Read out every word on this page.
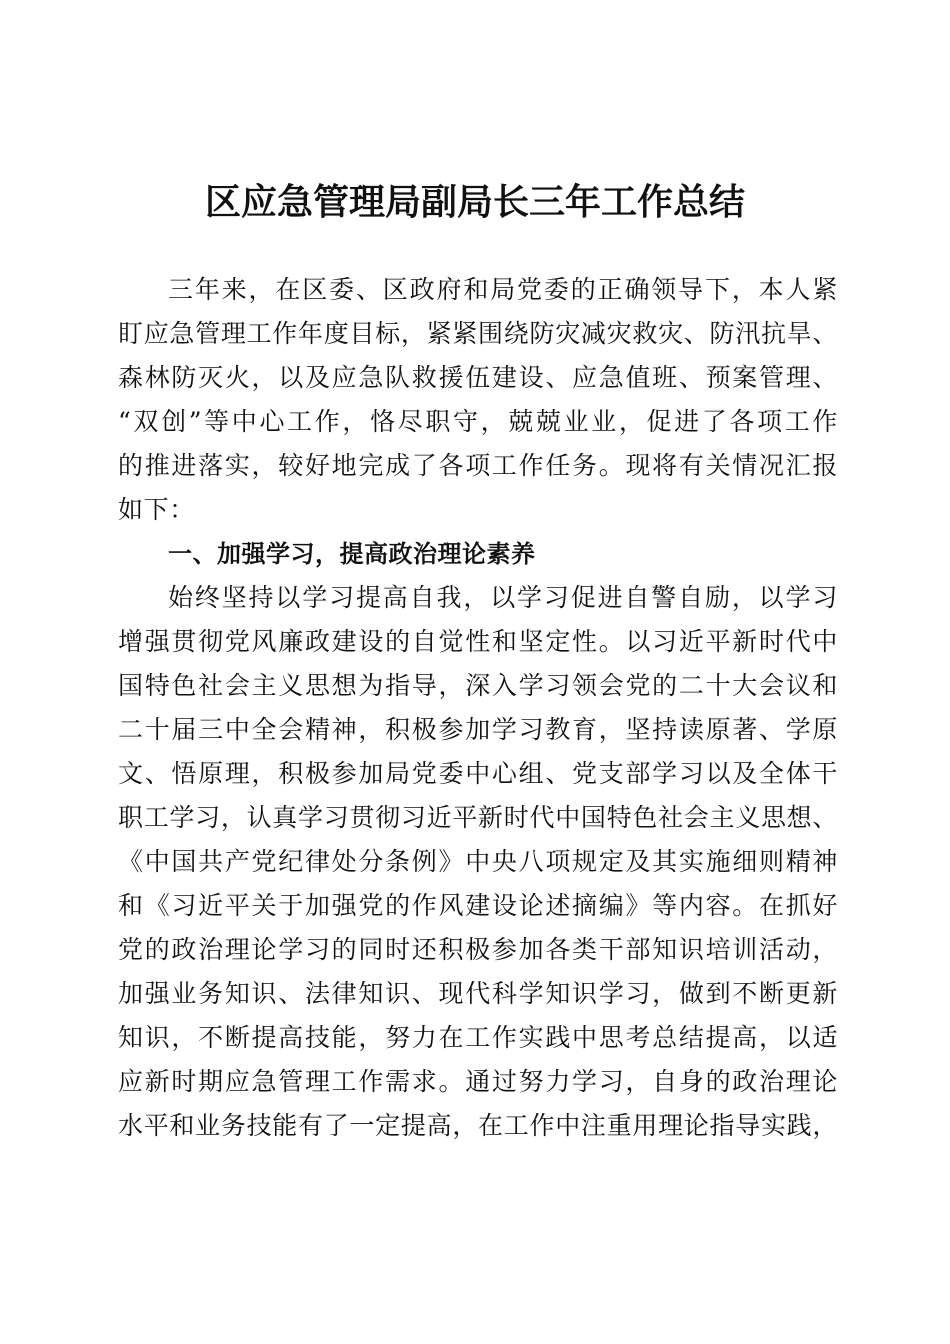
区应急管理局副局长三年工作总结
三年来，在区委、区政府和局党委的正确领导下，本人紧
盯应急管理工作年度目标，紧紧围绕防灾减灾救灾、防汛抗旱、
森林防灭火，以及应急队救援伍建设、应急值班、预案管理、
“双创”等中心工作，恪尽职守，兢兢业业，促进了各项工作
的推进落实，较好地完成了各项工作任务。现将有关情况汇报
如下：
一、加强学习，提高政治理论素养
始终坚持以学习提高自我，以学习促进自警自励，以学习
增强贯彻党风廉政建设的自觉性和坚定性。以习近平新时代中
国特色社会主义思想为指导，深入学习领会党的二十大会议和
二十届三中全会精神，积极参加学习教育，坚持读原著、学原
文、悟原理，积极参加局党委中心组、党支部学习以及全体干
职工学习，认真学习贯彻习近平新时代中国特色社会主义思想、
《中国共产党纪律处分条例》中央八项规定及其实施细则精神
和《习近平关于加强党的作风建设论述摘编》等内容。在抓好
党的政治理论学习的同时还积极参加各类干部知识培训活动，
加强业务知识、法律知识、现代科学知识学习，做到不断更新
知识，不断提高技能，努力在工作实践中思考总结提高，以适
应新时期应急管理工作需求。通过努力学习，自身的政治理论
水平和业务技能有了一定提高，在工作中注重用理论指导实践，
